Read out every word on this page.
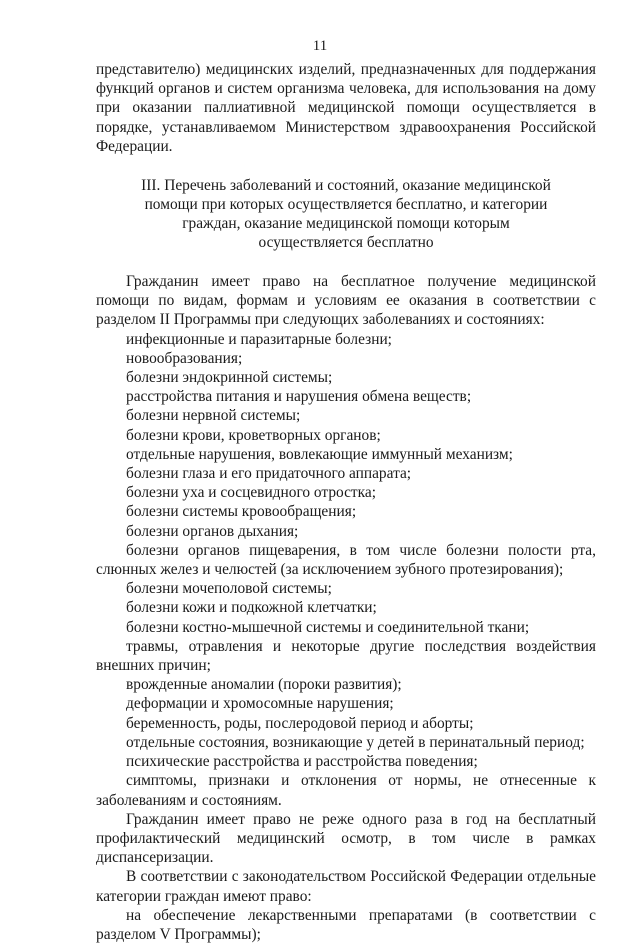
11

представителю) медицинских изделий, предназначенных для поддержания функций органов и систем организма человека, для использования на дому при оказании паллиативной медицинской помощи осуществляется в порядке, устанавливаемом Министерством здравоохранения Российской Федерации.

III. Перечень заболеваний и состояний, оказание медицинской
помощи при которых осуществляется бесплатно, и категории
граждан, оказание медицинской помощи которым
осуществляется бесплатно

Гражданин имеет право на бесплатное получение медицинской помощи по видам, формам и условиям ее оказания в соответствии с разделом II Программы при следующих заболеваниях и состояниях:

инфекционные и паразитарные болезни;

новообразования;

болезни эндокринной системы;

расстройства питания и нарушения обмена веществ;

болезни нервной системы;

болезни крови, кроветворных органов;

отдельные нарушения, вовлекающие иммунный механизм;

болезни глаза и его придаточного аппарата;

болезни уха и сосцевидного отростка;

болезни системы кровообращения;

болезни органов дыхания;

болезни органов пищеварения, в том числе болезни полости рта, слюнных желез и челюстей (за исключением зубного протезирования);

болезни мочеполовой системы;

болезни кожи и подкожной клетчатки;

болезни костно-мышечной системы и соединительной ткани;

травмы, отравления и некоторые другие последствия воздействия внешних причин;

врожденные аномалии (пороки развития);

деформации и хромосомные нарушения;

беременность, роды, послеродовой период и аборты;

отдельные состояния, возникающие у детей в перинатальный период;

психические расстройства и расстройства поведения;

симптомы, признаки и отклонения от нормы, не отнесенные к заболеваниям и состояниям.

Гражданин имеет право не реже одного раза в год на бесплатный профилактический медицинский осмотр, в том числе в рамках диспансеризации.

В соответствии с законодательством Российской Федерации отдельные категории граждан имеют право:

на обеспечение лекарственными препаратами (в соответствии с разделом V Программы);
